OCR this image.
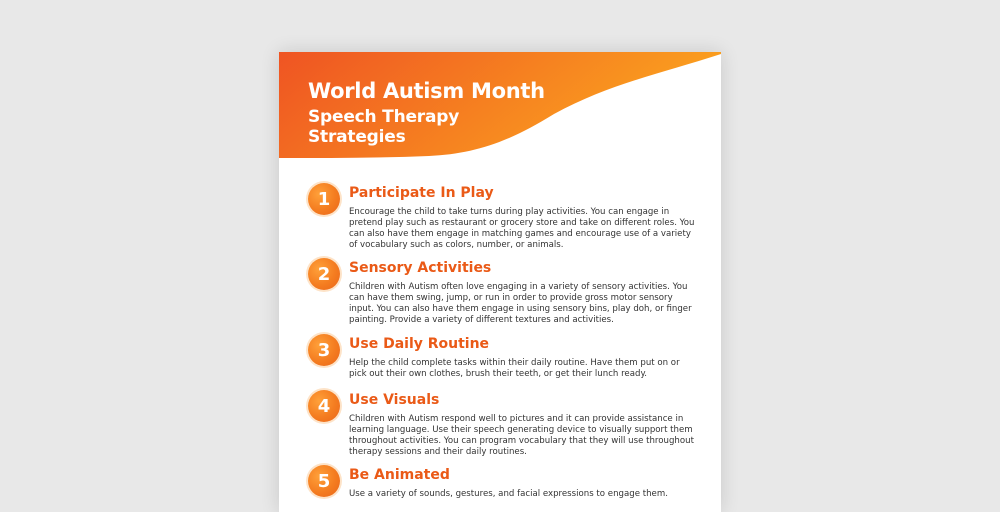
World Autism Month
Speech Therapy
Strategies
1	Participate In Play

Encourage the child to take turns during play activities. You can engage in pretend play such as restaurant or grocery store and take on different roles. You can also have them engage in matching games and encourage use of a variety of vocabulary such as colors, number, or animals.

2	Sensory Activities

Children with Autism often love engaging in a variety of sensory activities. You can have them swing, jump, or run in order to provide gross motor sensory input. You can also have them engage in using sensory bins, play doh, or finger painting. Provide a variety of different textures and activities.

3	Use Daily Routine

Help the child complete tasks within their daily routine. Have them put on or pick out their own clothes, brush their teeth, or get their lunch ready.

4	Use Visuals

Children with Autism respond well to pictures and it can provide assistance in learning language. Use their speech generating device to visually support them throughout activities. You can program vocabulary that they will use throughout therapy sessions and their daily routines.

5	Be Animated

Use a variety of sounds, gestures, and facial expressions to engage them.
